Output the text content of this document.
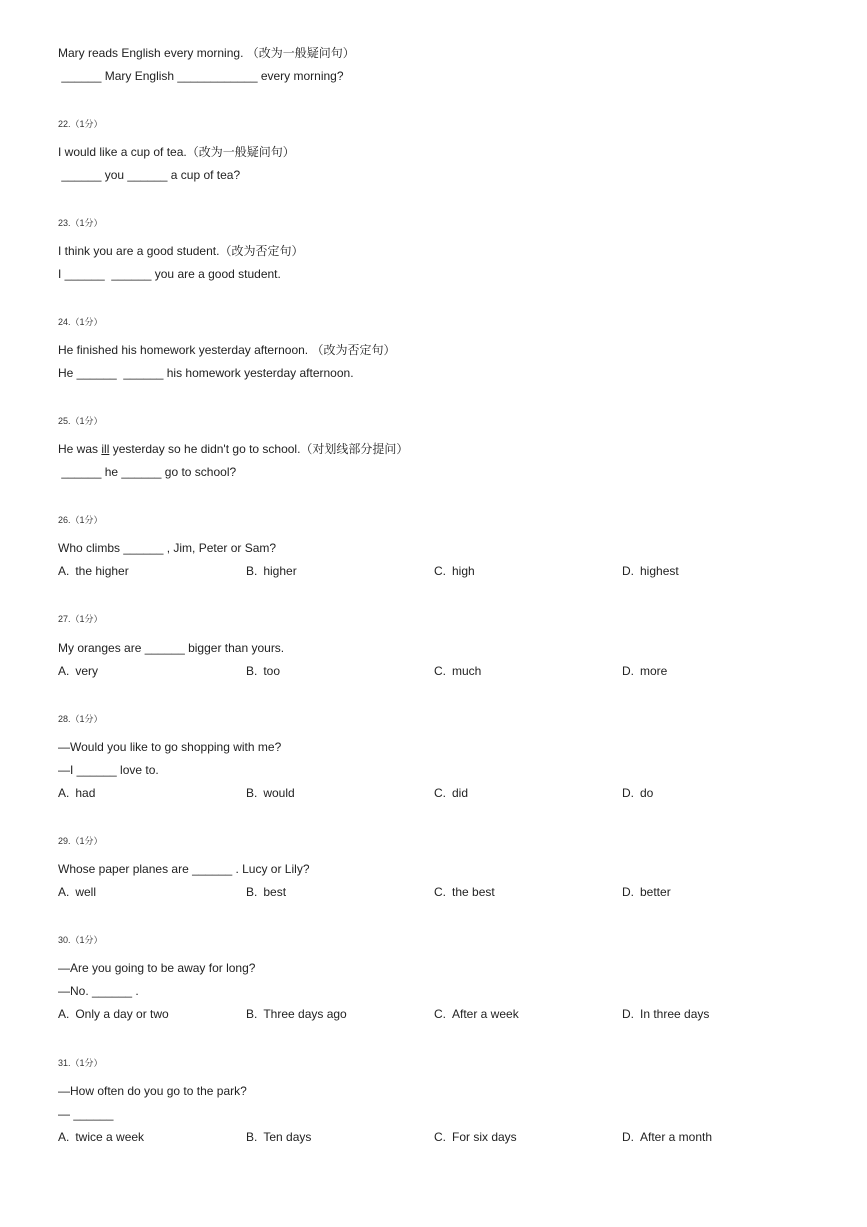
Mary reads English every morning. （改为一般疑问句）
______ Mary English ____________ every morning?
22.（1分）
I would like a cup of tea.（改为一般疑问句）
______ you ______ a cup of tea?
23.（1分）
I think you are a good student.（改为否定句）
I ______  ______ you are a good student.
24.（1分）
He finished his homework yesterday afternoon. （改为否定句）
He ______  ______ his homework yesterday afternoon.
25.（1分）
He was ill yesterday so he didn't go to school.（对划线部分提问）
______ he ______ go to school?
26.（1分）
Who climbs ______ , Jim, Peter or Sam?
A. the higher	B. higher	C. high	D. highest
27.（1分）
My oranges are ______ bigger than yours.
A. very	B. too	C. much	D. more
28.（1分）
—Would you like to go shopping with me?
—I ______ love to.
A. had	B. would	C. did	D. do
29.（1分）
Whose paper planes are ______ . Lucy or Lily?
A. well	B. best	C. the best	D. better
30.（1分）
—Are you going to be away for long?
—No. ______ .
A. Only a day or two	B. Three days ago	C. After a week	D. In three days
31.（1分）
—How often do you go to the park?
— ______
A. twice a week	B. Ten days	C. For six days	D. After a month
